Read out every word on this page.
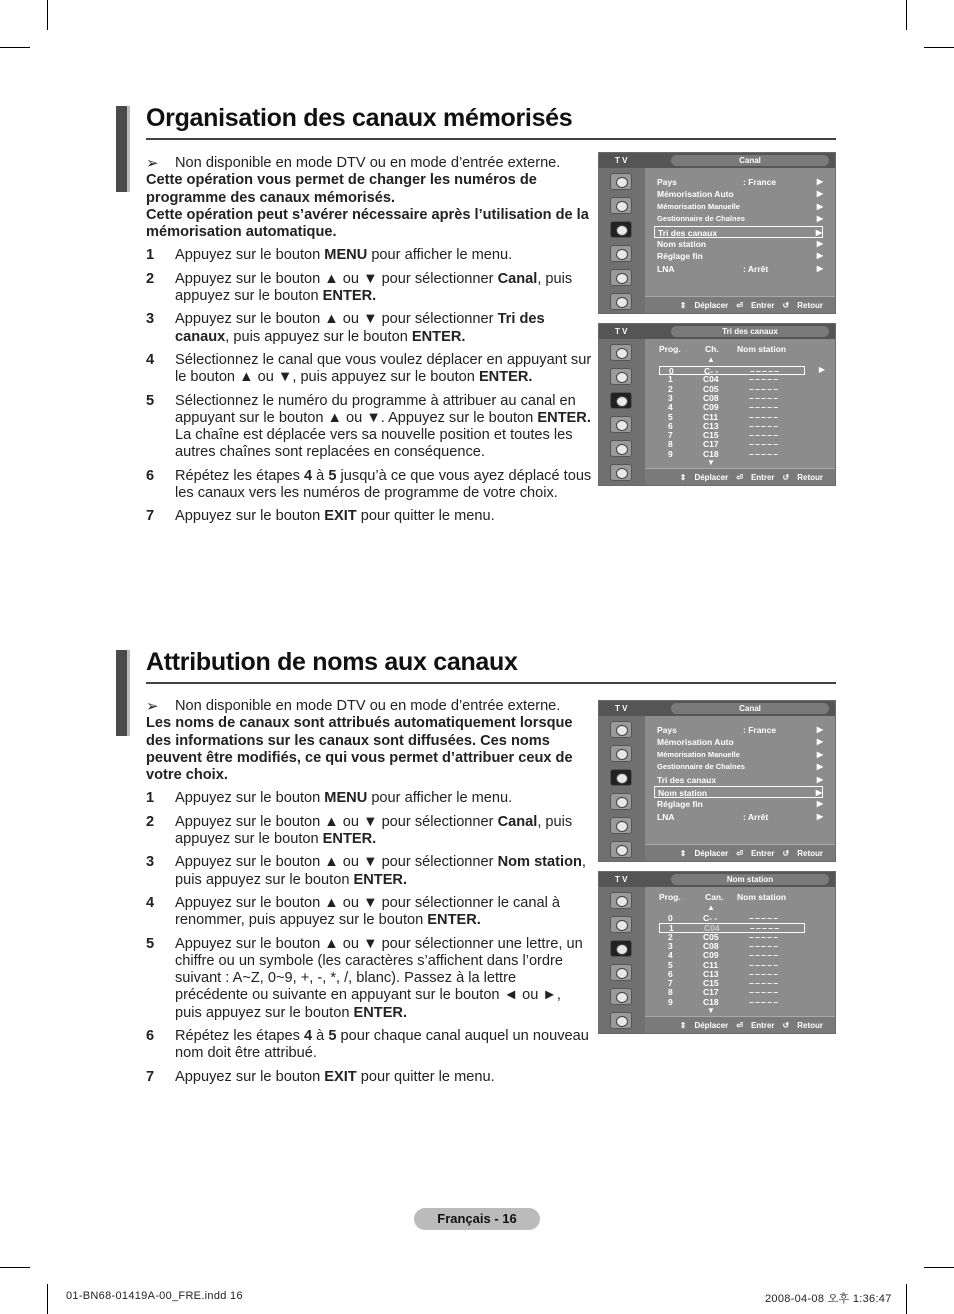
Organisation des canaux mémorisés
➢	Non disponible en mode DTV ou en mode d’entrée externe.
Cette opération vous permet de changer les numéros de programme des canaux mémorisés.
Cette opération peut s’avérer nécessaire après l’utilisation de la mémorisation automatique.
1	Appuyez sur le bouton MENU pour afficher le menu.
2	Appuyez sur le bouton ▲ ou ▼ pour sélectionner Canal, puis appuyez sur le bouton ENTER.
3	Appuyez sur le bouton ▲ ou ▼ pour sélectionner Tri des canaux, puis appuyez sur le bouton ENTER.
4	Sélectionnez le canal que vous voulez déplacer en appuyant sur le bouton ▲ ou ▼, puis appuyez sur le bouton ENTER.
5	Sélectionnez le numéro du programme à attribuer au canal en appuyant sur le bouton ▲ ou ▼. Appuyez sur le bouton ENTER. La chaîne est déplacée vers sa nouvelle position et toutes les autres chaînes sont replacées en conséquence.
6	Répétez les étapes 4 à 5 jusqu’à ce que vous ayez déplacé tous les canaux vers les numéros de programme de votre choix.
7	Appuyez sur le bouton EXIT pour quitter le menu.
Attribution de noms aux canaux
➢	Non disponible en mode DTV ou en mode d’entrée externe.
Les noms de canaux sont attribués automatiquement lorsque des informations sur les canaux sont diffusées. Ces noms peuvent être modifiés, ce qui vous permet d’attribuer ceux de votre choix.
1	Appuyez sur le bouton MENU pour afficher le menu.
2	Appuyez sur le bouton ▲ ou ▼ pour sélectionner Canal, puis appuyez sur le bouton ENTER.
3	Appuyez sur le bouton ▲ ou ▼ pour sélectionner Nom station, puis appuyez sur le bouton ENTER.
4	Appuyez sur le bouton ▲ ou ▼ pour sélectionner le canal à renommer, puis appuyez sur le bouton ENTER.
5	Appuyez sur le bouton ▲ ou ▼ pour sélectionner une lettre, un chiffre ou un symbole (les caractères s’affichent dans l’ordre suivant : A~Z, 0~9, +, -, *, /, blanc). Passez à la lettre précédente ou suivante en appuyant sur le bouton ◄ ou ►, puis appuyez sur le bouton ENTER.
6	Répétez les étapes 4 à 5 pour chaque canal auquel un nouveau nom doit être attribué.
7	Appuyez sur le bouton EXIT pour quitter le menu.
T V	Canal
⇕ Déplacer ⏎ Entrer ↺ Retour
Pays	: France	▶
Mémorisation Auto	▶
Mémorisation Manuelle	▶
Gestionnaire de Chaînes	▶
Tri des canaux	▶
Nom station	▶
Réglage fin	▶
LNA	: Arrêt	▶
T V	Tri des canaux
⇕ Déplacer ⏎ Entrer ↺ Retour
Prog.	Ch. Nom station
▲
0	C- -	– – – – –
1	C04	– – – – –
2	C05	– – – – –
3	C08	– – – – –
4	C09	– – – – –
5	C11	– – – – –
6	C13	– – – – –
7	C15	– – – – –
8	C17	– – – – –
9	C18	– – – – –
▼
▶
T V	Canal
⇕ Déplacer ⏎ Entrer ↺ Retour
Pays	: France	▶
Mémorisation Auto	▶
Mémorisation Manuelle	▶
Gestionnaire de Chaînes	▶
Tri des canaux	▶
Nom station	▶
Réglage fin	▶
LNA	: Arrêt	▶
T V	Nom station
⇕ Déplacer ⏎ Entrer ↺ Retour
Prog.	Can. Nom station
▲
0	C- -	– – – – –
1	C04	– – – – –
2	C05	– – – – –
3	C08	– – – – –
4	C09	– – – – –
5	C11	– – – – –
6	C13	– – – – –
7	C15	– – – – –
8	C17	– – – – –
9	C18	– – – – –
▼
Français - 16
01-BN68-01419A-00_FRE.indd 16	2008-04-08 오후 1:36:47
